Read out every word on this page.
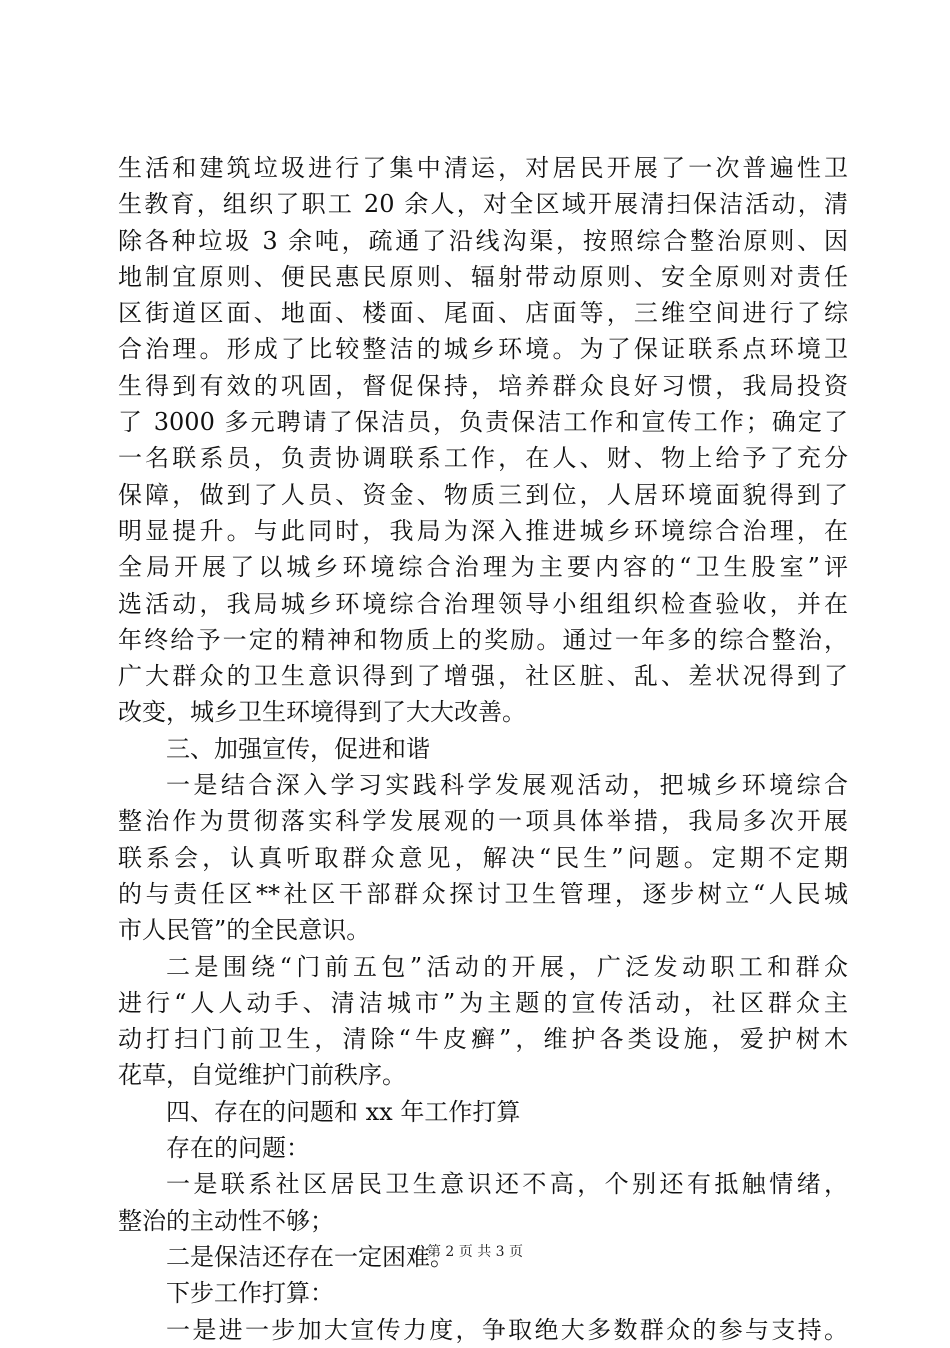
生活和建筑垃圾进行了集中清运，对居民开展了一次普遍性卫
生教育，组织了职工 20 余人，对全区域开展清扫保洁活动，清
除各种垃圾 3 余吨，疏通了沿线沟渠，按照综合整治原则、因
地制宜原则、便民惠民原则、辐射带动原则、安全原则对责任
区街道区面、地面、楼面、尾面、店面等，三维空间进行了综
合治理。形成了比较整洁的城乡环境。为了保证联系点环境卫
生得到有效的巩固，督促保持，培养群众良好习惯，我局投资
了 3000 多元聘请了保洁员，负责保洁工作和宣传工作；确定了
一名联系员，负责协调联系工作，在人、财、物上给予了充分
保障，做到了人员、资金、物质三到位，人居环境面貌得到了
明显提升。与此同时，我局为深入推进城乡环境综合治理，在
全局开展了以城乡环境综合治理为主要内容的“卫生股室”评
选活动，我局城乡环境综合治理领导小组组织检查验收，并在
年终给予一定的精神和物质上的奖励。通过一年多的综合整治，
广大群众的卫生意识得到了增强，社区脏、乱、差状况得到了
改变，城乡卫生环境得到了大大改善。
三、加强宣传，促进和谐
一是结合深入学习实践科学发展观活动，把城乡环境综合
整治作为贯彻落实科学发展观的一项具体举措，我局多次开展
联系会，认真听取群众意见，解决“民生”问题。定期不定期
的与责任区**社区干部群众探讨卫生管理，逐步树立“人民城
市人民管”的全民意识。
二是围绕“门前五包”活动的开展，广泛发动职工和群众
进行“人人动手、清洁城市”为主题的宣传活动，社区群众主
动打扫门前卫生，清除“牛皮癣”，维护各类设施，爱护树木
花草，自觉维护门前秩序。
四、存在的问题和 xx 年工作打算
存在的问题：
一是联系社区居民卫生意识还不高，个别还有抵触情绪，
整治的主动性不够；
二是保洁还存在一定困难。
下步工作打算：
一是进一步加大宣传力度，争取绝大多数群众的参与支持。
第 2 页 共 3 页
